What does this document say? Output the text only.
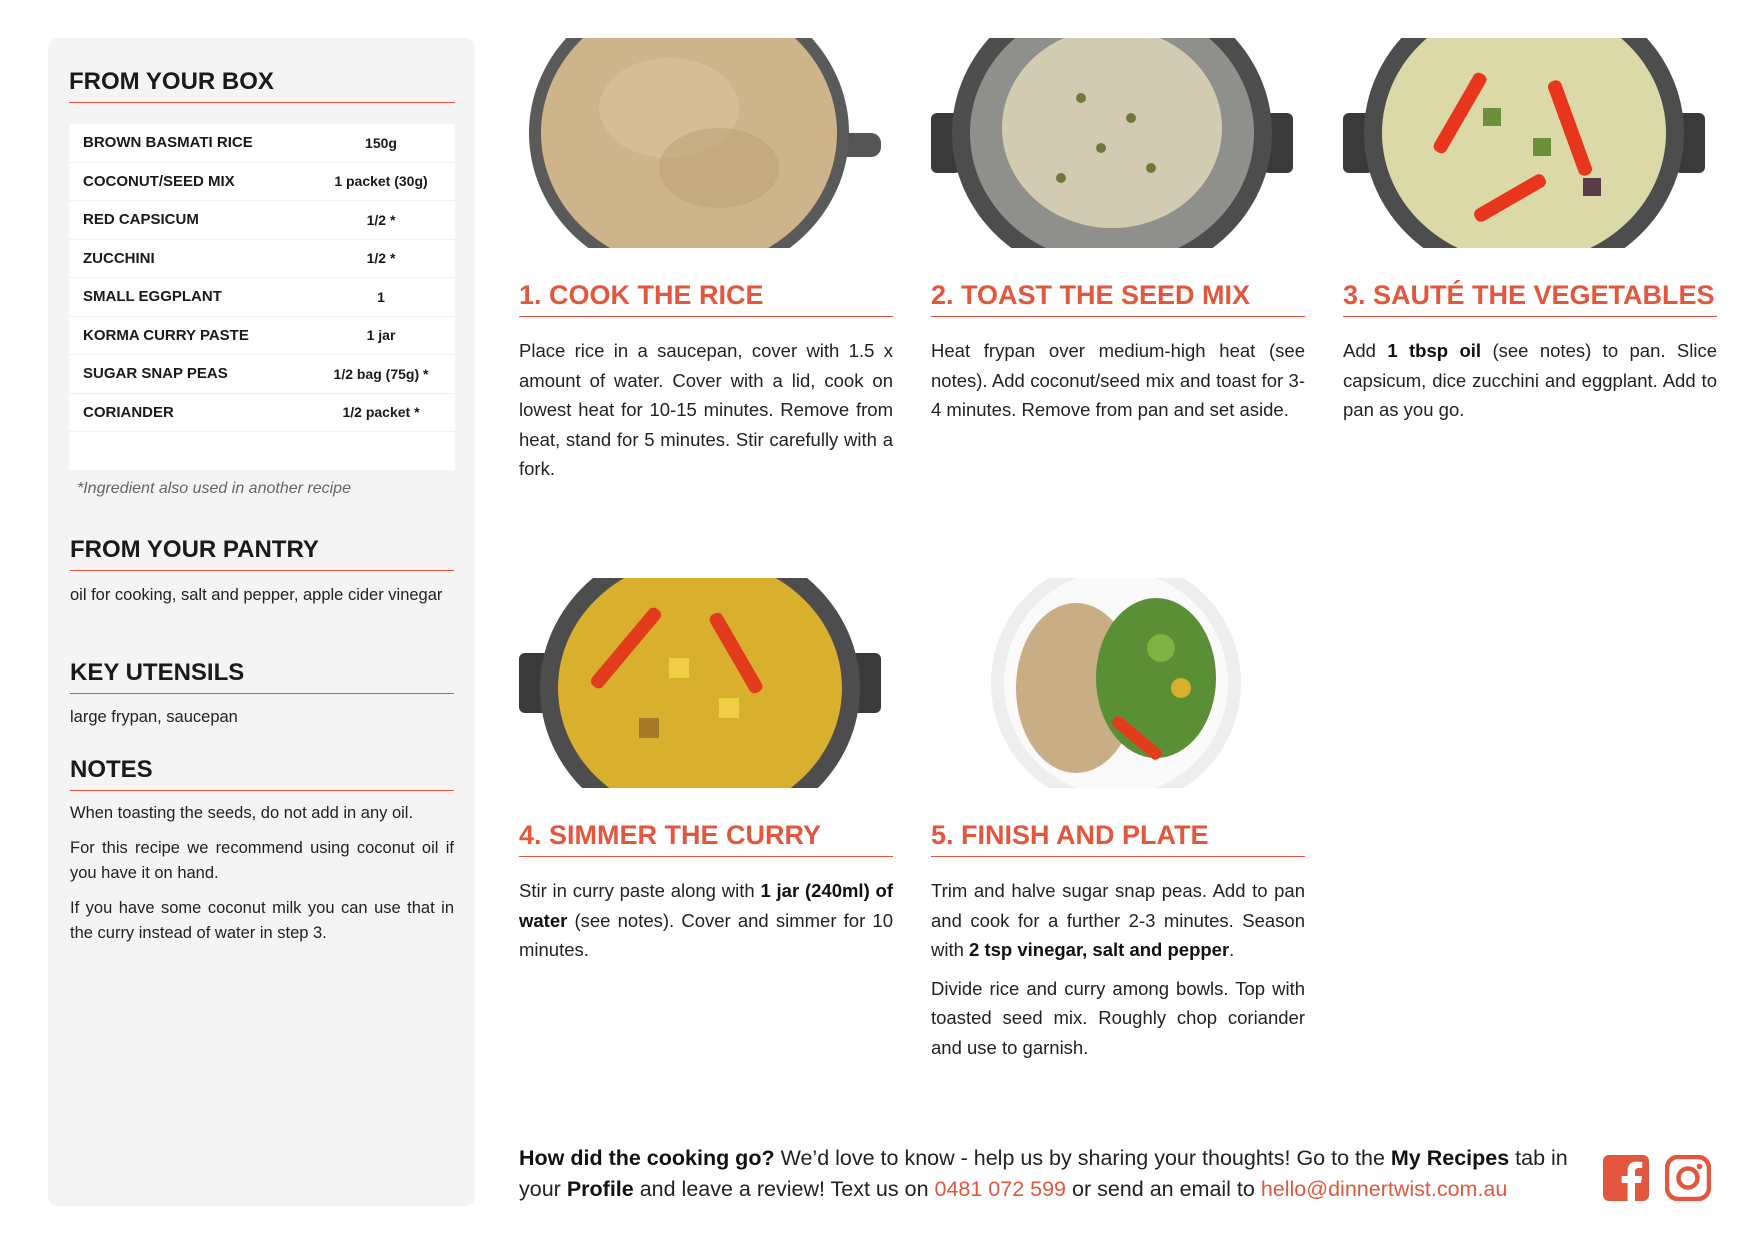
FROM YOUR BOX
BROWN BASMATI RICE	150g
COCONUT/SEED MIX	1 packet (30g)
RED CAPSICUM	1/2 *
ZUCCHINI	1/2 *
SMALL EGGPLANT	1
KORMA CURRY PASTE	1 jar
SUGAR SNAP PEAS	1/2 bag (75g) *
CORIANDER	1/2 packet *
*Ingredient also used in another recipe
FROM YOUR PANTRY
oil for cooking, salt and pepper, apple cider vinegar
KEY UTENSILS
large frypan, saucepan
NOTES

When toasting the seeds, do not add in any oil.

For this recipe we recommend using coconut oil if you have it on hand.

If you have some coconut milk you can use that in the curry instead of water in step 3.

1. COOK THE RICE

Place rice in a saucepan, cover with 1.5 x amount of water. Cover with a lid, cook on lowest heat for 10-15 minutes. Remove from heat, stand for 5 minutes. Stir carefully with a fork.

2. TOAST THE SEED MIX

Heat frypan over medium-high heat (see notes). Add coconut/seed mix and toast for 3-4 minutes. Remove from pan and set aside.

3. SAUTÉ THE VEGETABLES

Add 1 tbsp oil (see notes) to pan. Slice capsicum, dice zucchini and eggplant. Add to pan as you go.

4. SIMMER THE CURRY

Stir in curry paste along with 1 jar (240ml) of water (see notes). Cover and simmer for 10 minutes.

5. FINISH AND PLATE

Trim and halve sugar snap peas. Add to pan and cook for a further 2-3 minutes. Season with 2 tsp vinegar, salt and pepper.

Divide rice and curry among bowls. Top with toasted seed mix. Roughly chop coriander and use to garnish.

How did the cooking go? We’d love to know - help us by sharing your thoughts! Go to the My Recipes tab in your Profile and leave a review! Text us on 0481 072 599 or send an email to hello@dinnertwist.com.au
